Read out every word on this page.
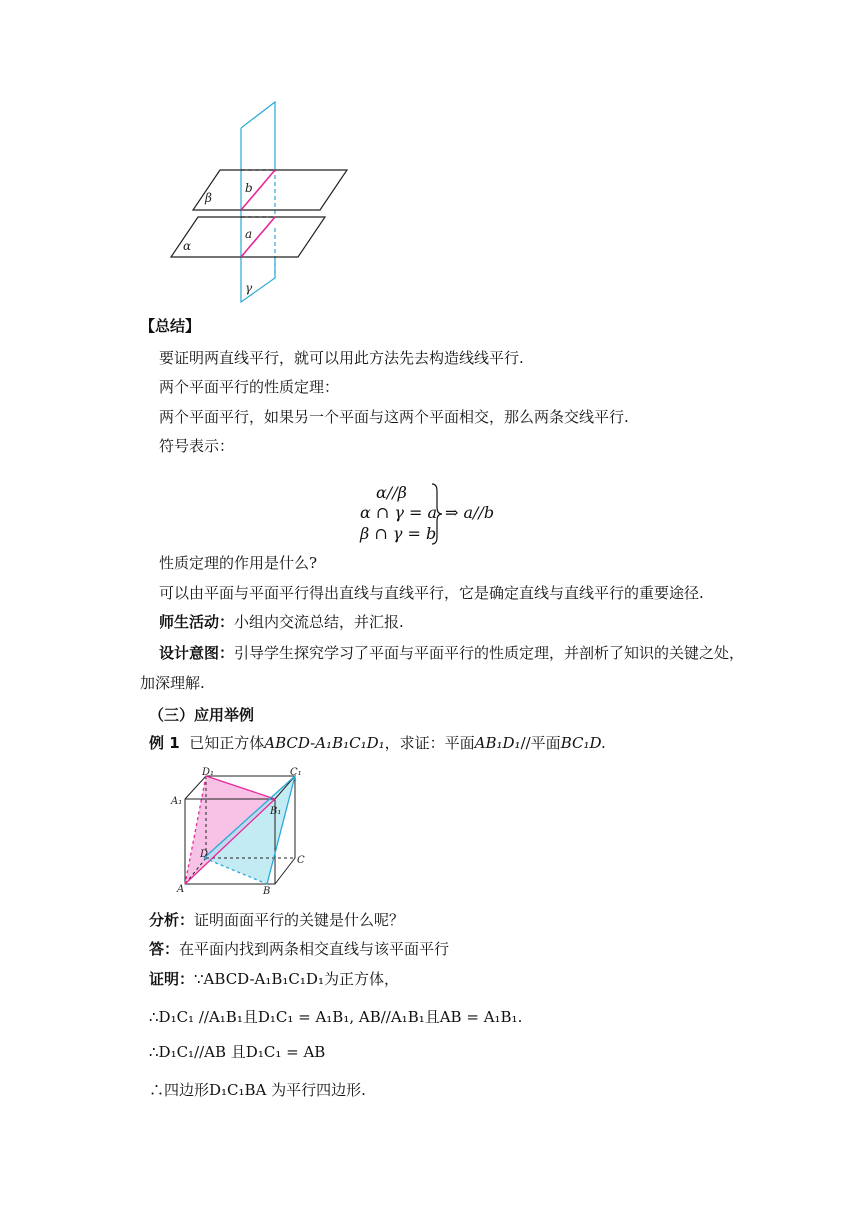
β
b
α
a
γ
【总结】
要证明两直线平行，就可以用此方法先去构造线线平行.
两个平面平行的性质定理：
两个平面平行，如果另一个平面与这两个平面相交，那么两条交线平行.
符号表示：
α//β
α ∩ γ = a
β ∩ γ = b
⇒ a//b
性质定理的作用是什么?
可以由平面与平面平行得出直线与直线平行，它是确定直线与直线平行的重要途径.
师生活动：小组内交流总结，并汇报.
设计意图：引导学生探究学习了平面与平面平行的性质定理，并剖析了知识的关键之处，
加深理解.
（三）应用举例
例 1 已知正方体ABCD-A₁B₁C₁D₁，求证：平面AB₁D₁//平面BC₁D.
D₁	C₁
A₁
B₁
D
C
A	B
分析：证明面面平行的关键是什么呢？
答：在平面内找到两条相交直线与该平面平行
证明：∵ABCD-A₁B₁C₁D₁为正方体，
∴D₁C₁ //A₁B₁且D₁C₁ = A₁B₁, AB//A₁B₁且AB = A₁B₁.
∴D₁C₁//AB 且D₁C₁ = AB
∴四边形D₁C₁BA 为平行四边形.
